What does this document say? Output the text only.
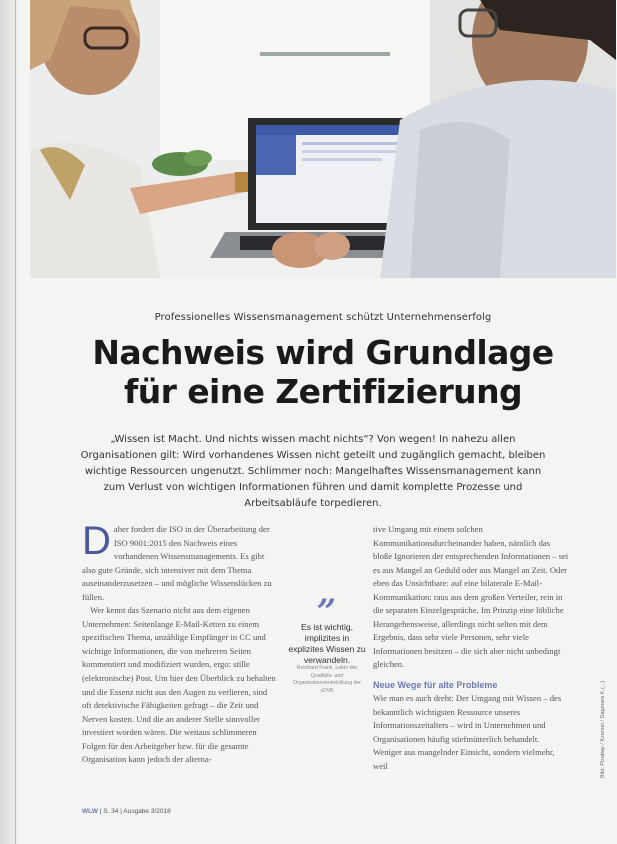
Professionelles Wissensmanagement schützt Unternehmenserfolg
Nachweis wird Grundlage
für eine Zertifizierung
„Wissen ist Macht. Und nichts wissen macht nichts“? Von wegen! In nahezu allen Organisationen gilt: Wird vorhandenes Wissen nicht geteilt und zugänglich gemacht, bleiben wichtige Ressourcen ungenutzt. Schlimmer noch: Mangelhaftes Wissensmanagement kann zum Verlust von wichtigen Informationen führen und damit komplette Prozesse und Arbeitsabläufe torpedieren.
D aher fordert die ISO in der Überarbeitung der ISO 9001:2015 den Nachweis eines vorhandenen Wissensmanagements. Es gibt also gute Gründe, sich intensiver mit dem Thema auseinanderzusetzen – und mögliche Wissenslücken zu füllen.

Wer kennt das Szenario nicht aus dem eigenen Unternehmen: Seitenlange E-Mail-Ketten zu einem spezifischen Thema, unzählige Empfänger in CC und wichtige Informationen, die von mehreren Seiten kommentiert und modifiziert wurden, ergo: stille (elektronische) Post. Um hier den Überblick zu behalten und die Essenz nicht aus den Augen zu verlieren, sind oft detektivische Fähigkeiten gefragt – die Zeit und Nerven kosten. Und die an anderer Stelle sinnvoller investiert worden wären. Die weitaus schlimmeren Folgen für den Arbeitgeber bzw. für die gesamte Organisation kann jedoch der alterna-

„
Es ist wichtig, implizites in explizites Wissen zu verwandeln.
Reinhard Frank, Leiter der Qualitäts- und Organisationsentwicklung der vDVB

tive Umgang mit einem solchen Kommunikationsdurcheinander haben, nämlich das bloße Ignorieren der entsprechenden Informationen – sei es aus Mangel an Geduld oder aus Mangel an Zeit. Oder eben das Unsichtbare: auf eine bilaterale E-Mail-Kommunikation: raus aus dem großen Verteiler, rein in die separaten Einzelgespräche. Im Prinzip eine löbliche Herangehensweise, allerdings nicht selten mit dem Ergebnis, dass sehr viele Personen, sehr viele Informationen besitzen – die sich aber nicht unbedingt gleichen.

Neue Wege für alte Probleme

Wie man es auch dreht: Der Umgang mit Wissen – des bekanntlich wichtigsten Ressource unseres Informationszeitalters – wird in Unternehmen und Organisationen häufig stiefmütterlich behandelt. Weniger aus mangelnder Einsicht, sondern vielmehr, weil	Bild: Pixabay / Kzenon / Dagmara K.(...)
WLW | S. 34 | Ausgabe 3/2018
